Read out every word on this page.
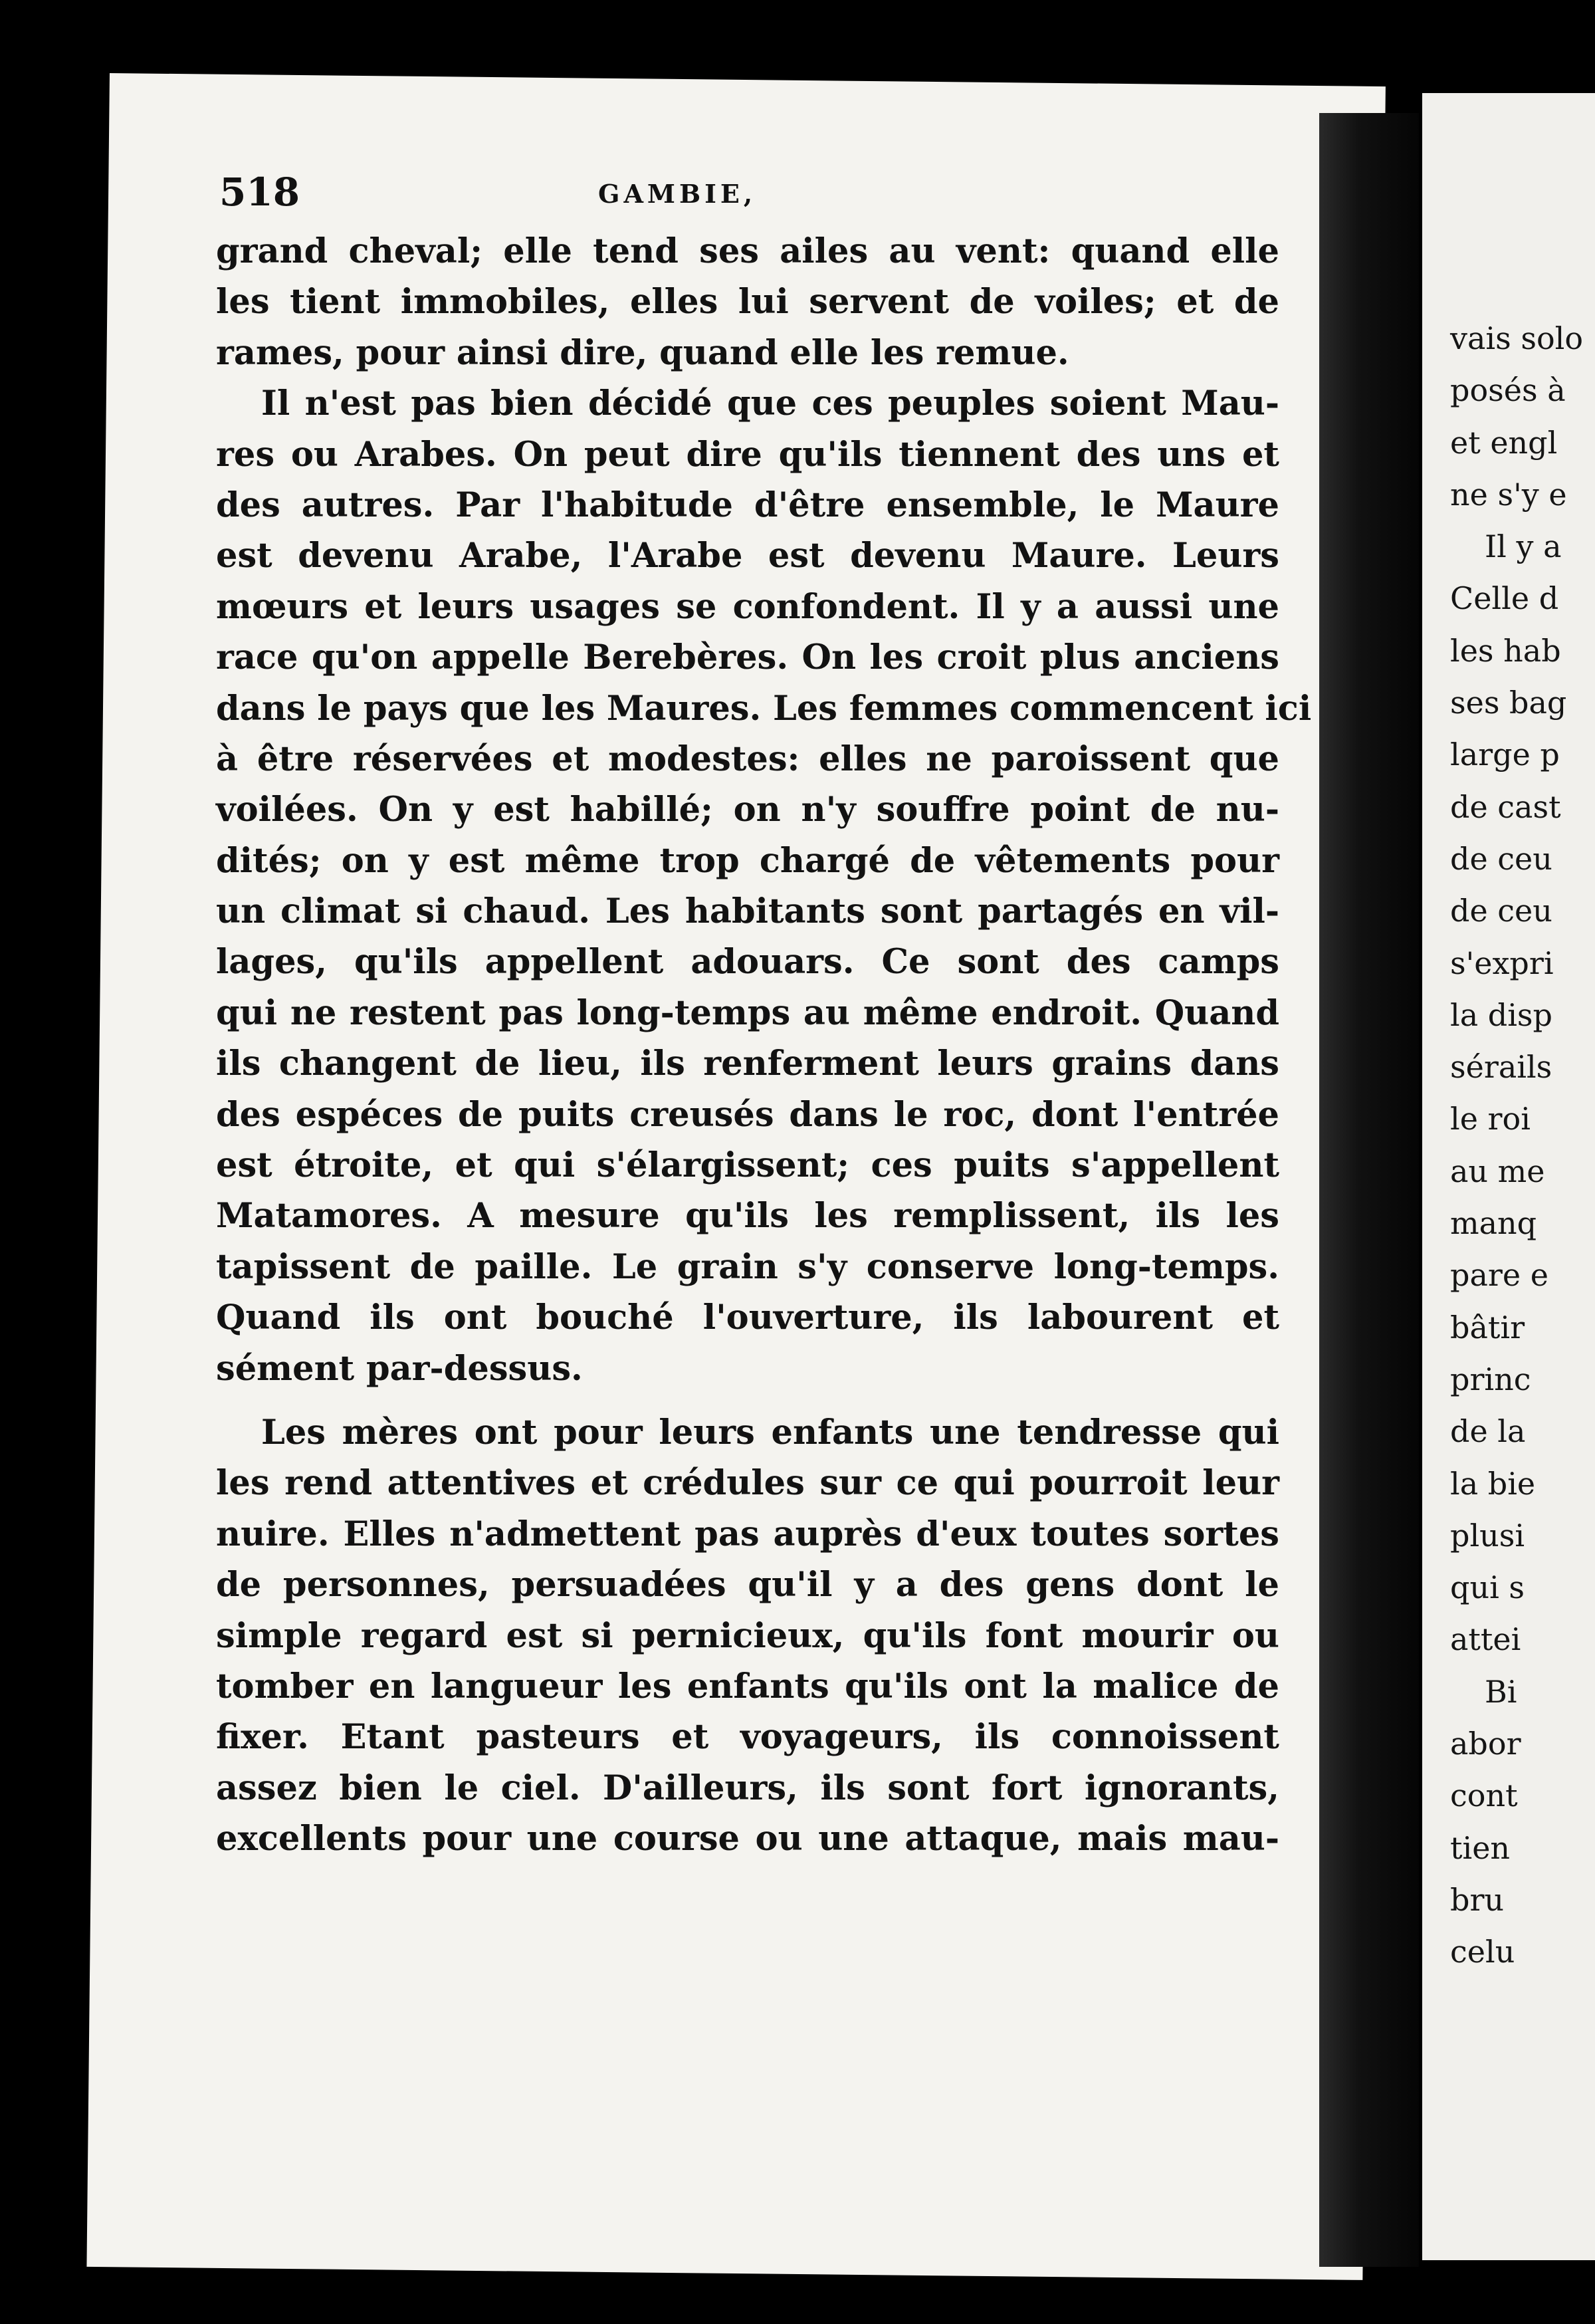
518	GAMBIE,
grand cheval; elle tend ses ailes au vent: quand elle
les tient immobiles, elles lui servent de voiles; et de
rames, pour ainsi dire, quand elle les remue.
Il n'est pas bien décidé que ces peuples soient Mau-
res ou Arabes. On peut dire qu'ils tiennent des uns et
des autres. Par l'habitude d'être ensemble, le Maure
est devenu Arabe, l'Arabe est devenu Maure. Leurs
mœurs et leurs usages se confondent. Il y a aussi une
race qu'on appelle Berebères. On les croit plus anciens
dans le pays que les Maures. Les femmes commencent ici
à être réservées et modestes: elles ne paroissent que
voilées. On y est habillé; on n'y souffre point de nu-
dités; on y est même trop chargé de vêtements pour
un climat si chaud. Les habitants sont partagés en vil-
lages, qu'ils appellent adouars. Ce sont des camps
qui ne restent pas long-temps au même endroit. Quand
ils changent de lieu, ils renferment leurs grains dans
des espéces de puits creusés dans le roc, dont l'entrée
est étroite, et qui s'élargissent; ces puits s'appellent
Matamores. A mesure qu'ils les remplissent, ils les
tapissent de paille. Le grain s'y conserve long-temps.
Quand ils ont bouché l'ouverture, ils labourent et
sément par-dessus.
Les mères ont pour leurs enfants une tendresse qui
les rend attentives et crédules sur ce qui pourroit leur
nuire. Elles n'admettent pas auprès d'eux toutes sortes
de personnes, persuadées qu'il y a des gens dont le
simple regard est si pernicieux, qu'ils font mourir ou
tomber en langueur les enfants qu'ils ont la malice de
fixer. Etant pasteurs et voyageurs, ils connoissent
assez bien le ciel. D'ailleurs, ils sont fort ignorants,
excellents pour une course ou une attaque, mais mau-
vais solo
posés à
et engl
ne s'y e
Il y a
Celle d
les hab
ses bag
large p
de cast
de ceu
de ceu
s'expri
la disp
sérails
le roi
au me
manq
pare e
bâtir
princ
de la
la bie
plusi
qui s
attei
Bi
abor
cont
tien
bru
celu
